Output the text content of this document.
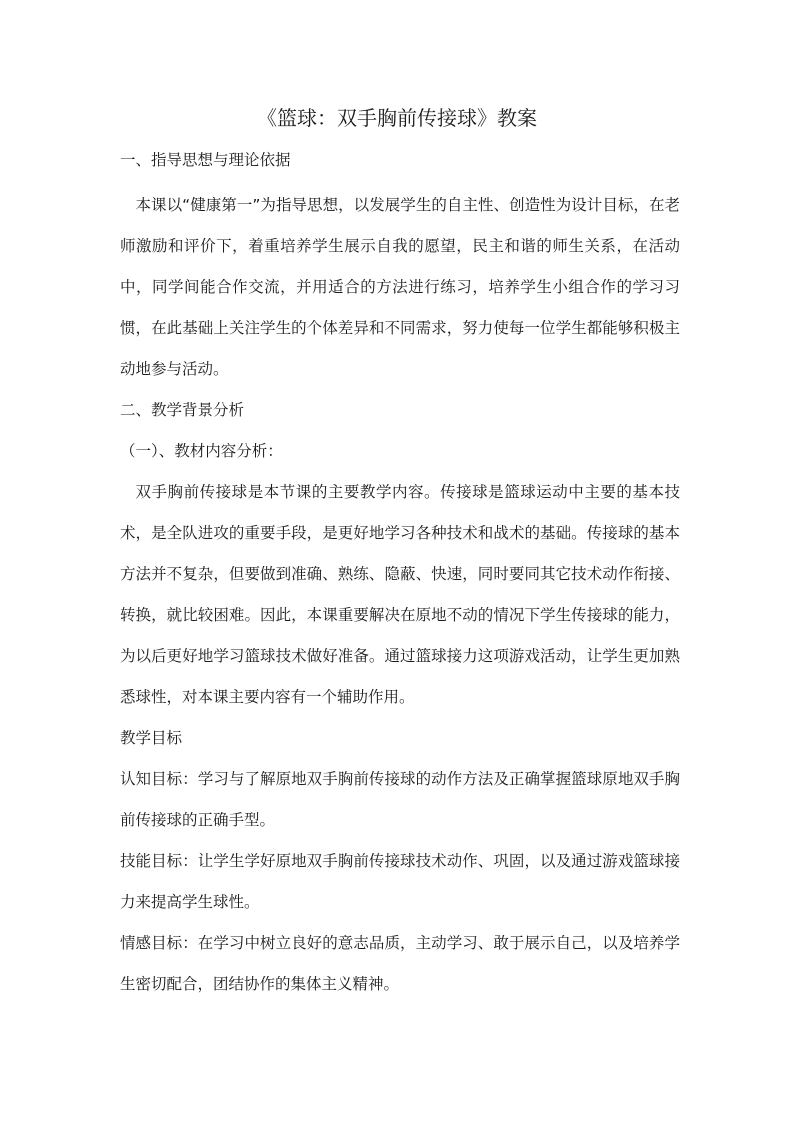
《篮球：双手胸前传接球》教案

一、指导思想与理论依据

本课以“健康第一”为指导思想，以发展学生的自主性、创造性为设计目标，在老师激励和评价下，着重培养学生展示自我的愿望，民主和谐的师生关系，在活动中，同学间能合作交流，并用适合的方法进行练习，培养学生小组合作的学习习惯，在此基础上关注学生的个体差异和不同需求，努力使每一位学生都能够积极主动地参与活动。

二、教学背景分析

（一）、教材内容分析：

双手胸前传接球是本节课的主要教学内容。传接球是篮球运动中主要的基本技术，是全队进攻的重要手段，是更好地学习各种技术和战术的基础。传接球的基本方法并不复杂，但要做到准确、熟练、隐蔽、快速，同时要同其它技术动作衔接、转换，就比较困难。因此，本课重要解决在原地不动的情况下学生传接球的能力，为以后更好地学习篮球技术做好准备。通过篮球接力这项游戏活动，让学生更加熟悉球性，对本课主要内容有一个辅助作用。

教学目标

认知目标：学习与了解原地双手胸前传接球的动作方法及正确掌握篮球原地双手胸前传接球的正确手型。

技能目标：让学生学好原地双手胸前传接球技术动作、巩固，以及通过游戏篮球接力来提高学生球性。

情感目标：在学习中树立良好的意志品质，主动学习、敢于展示自己，以及培养学生密切配合，团结协作的集体主义精神。
